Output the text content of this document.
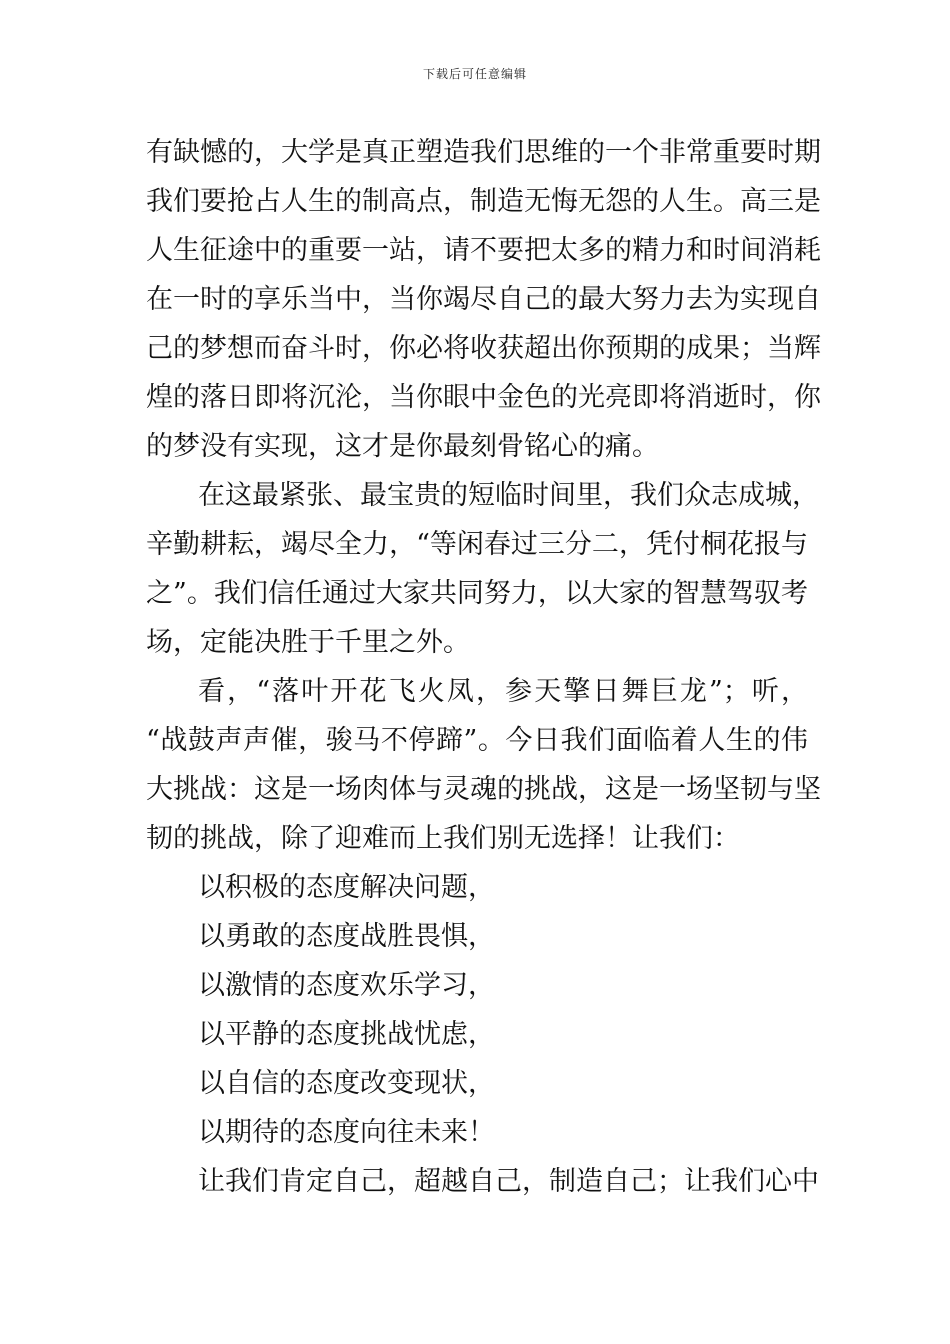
下载后可任意编辑
有缺憾的，大学是真正塑造我们思维的一个非常重要时期
我们要抢占人生的制高点，制造无悔无怨的人生。高三是
人生征途中的重要一站，请不要把太多的精力和时间消耗
在一时的享乐当中，当你竭尽自己的最大努力去为实现自
己的梦想而奋斗时，你必将收获超出你预期的成果；当辉
煌的落日即将沉沦，当你眼中金色的光亮即将消逝时，你
的梦没有实现，这才是你最刻骨铭心的痛。
在这最紧张、最宝贵的短临时间里，我们众志成城，
辛勤耕耘，竭尽全力，“等闲春过三分二，凭付桐花报与
之”。我们信任通过大家共同努力，以大家的智慧驾驭考
场，定能决胜于千里之外。
看，“落叶开花飞火凤，参天擎日舞巨龙”；听，
“战鼓声声催，骏马不停蹄”。今日我们面临着人生的伟
大挑战：这是一场肉体与灵魂的挑战，这是一场坚韧与坚
韧的挑战，除了迎难而上我们别无选择！让我们：
以积极的态度解决问题，
以勇敢的态度战胜畏惧，
以激情的态度欢乐学习，
以平静的态度挑战忧虑，
以自信的态度改变现状，
以期待的态度向往未来！
让我们肯定自己，超越自己，制造自己；让我们心中
